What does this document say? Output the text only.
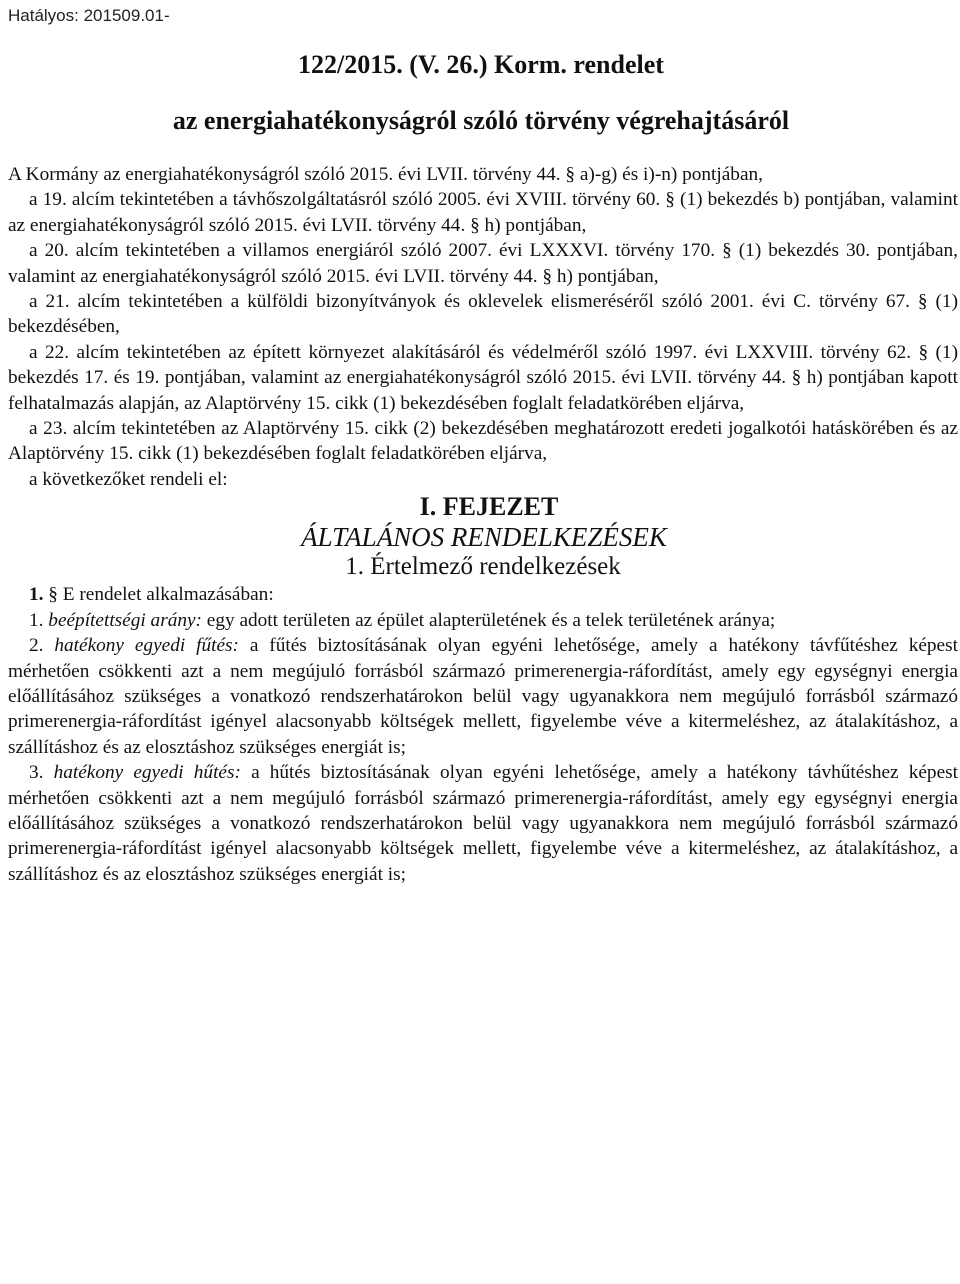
Hatályos: 201509.01-
122/2015. (V. 26.) Korm. rendelet
az energiahatékonyságról szóló törvény végrehajtásáról

A Kormány az energiahatékonyságról szóló 2015. évi LVII. törvény 44. § a)-g) és i)-n) pontjában,

a 19. alcím tekintetében a távhőszolgáltatásról szóló 2005. évi XVIII. törvény 60. § (1) bekezdés b) pontjában, valamint az energiahatékonyságról szóló 2015. évi LVII. törvény 44. § h) pontjában,

a 20. alcím tekintetében a villamos energiáról szóló 2007. évi LXXXVI. törvény 170. § (1) bekezdés 30. pontjában, valamint az energiahatékonyságról szóló 2015. évi LVII. törvény 44. § h) pontjában,

a 21. alcím tekintetében a külföldi bizonyítványok és oklevelek elismeréséről szóló 2001. évi C. törvény 67. § (1) bekezdésében,

a 22. alcím tekintetében az épített környezet alakításáról és védelméről szóló 1997. évi LXXVIII. törvény 62. § (1) bekezdés 17. és 19. pontjában, valamint az energiahatékonyságról szóló 2015. évi LVII. törvény 44. § h) pontjában kapott felhatalmazás alapján, az Alaptörvény 15. cikk (1) bekezdésében foglalt feladatkörében eljárva,

a 23. alcím tekintetében az Alaptörvény 15. cikk (2) bekezdésében meghatározott eredeti jogalkotói hatáskörében és az Alaptörvény 15. cikk (1) bekezdésében foglalt feladatkörében eljárva,

a következőket rendeli el:

I. FEJEZET

ÁLTALÁNOS RENDELKEZÉSEK

1. Értelmező rendelkezések

1. § E rendelet alkalmazásában:

1. beépítettségi arány: egy adott területen az épület alapterületének és a telek területének aránya;

2. hatékony egyedi fűtés: a fűtés biztosításának olyan egyéni lehetősége, amely a hatékony távfűtéshez képest mérhetően csökkenti azt a nem megújuló forrásból származó primerenergia-ráfordítást, amely egy egységnyi energia előállításához szükséges a vonatkozó rendszerhatárokon belül vagy ugyanakkora nem megújuló forrásból származó primerenergia-ráfordítást igényel alacsonyabb költségek mellett, figyelembe véve a kitermeléshez, az átalakításhoz, a szállításhoz és az elosztáshoz szükséges energiát is;

3. hatékony egyedi hűtés: a hűtés biztosításának olyan egyéni lehetősége, amely a hatékony távhűtéshez képest mérhetően csökkenti azt a nem megújuló forrásból származó primerenergia-ráfordítást, amely egy egységnyi energia előállításához szükséges a vonatkozó rendszerhatárokon belül vagy ugyanakkora nem megújuló forrásból származó primerenergia-ráfordítást igényel alacsonyabb költségek mellett, figyelembe véve a kitermeléshez, az átalakításhoz, a szállításhoz és az elosztáshoz szükséges energiát is;
